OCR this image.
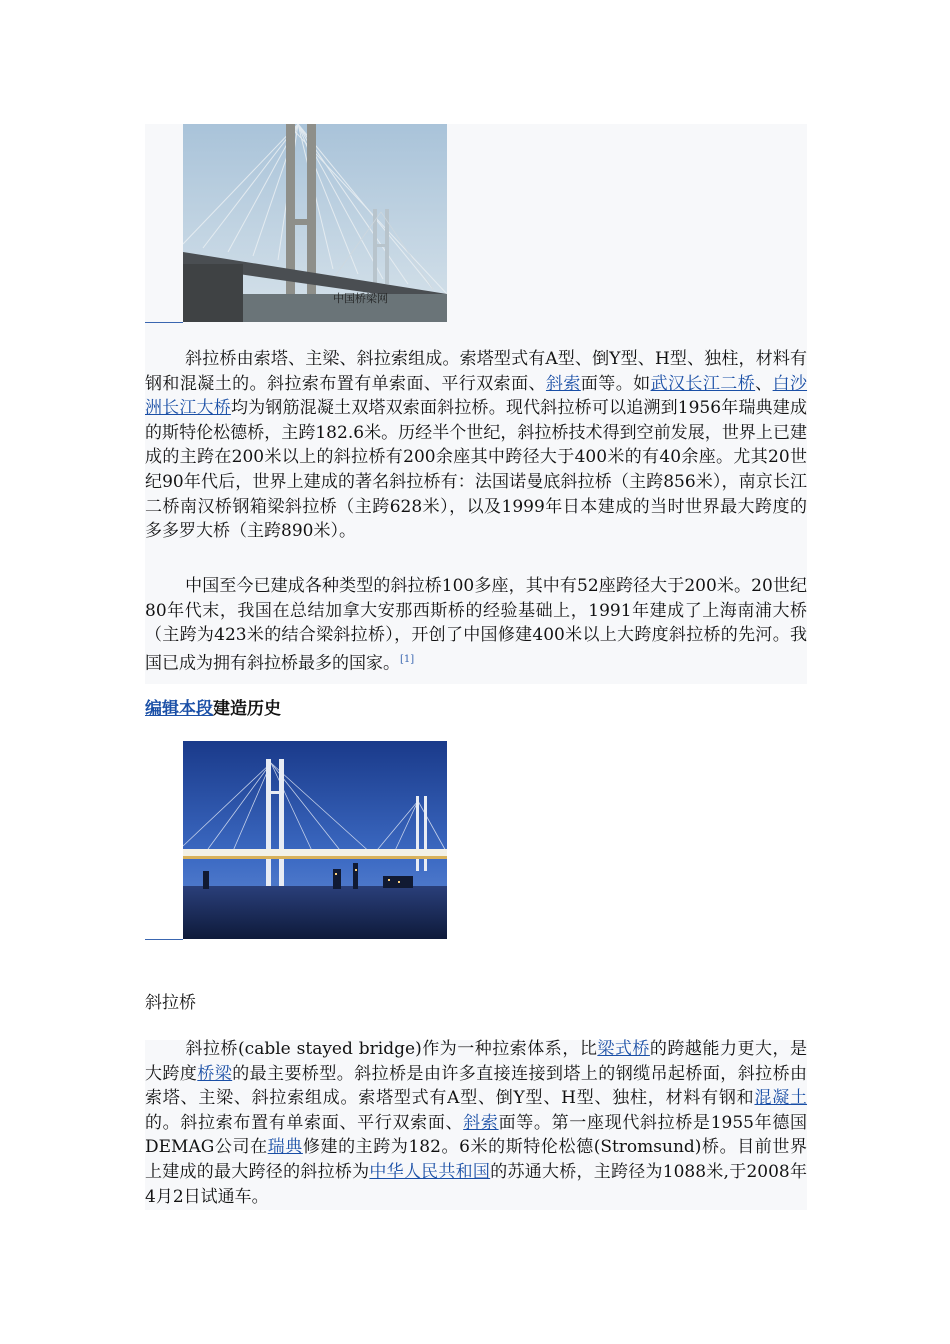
中国桥梁网

斜拉桥由索塔、主梁、斜拉索组成。索塔型式有A型、倒Y型、H型、独柱，材料有钢和混凝土的。斜拉索布置有单索面、平行双索面、斜索面等。如武汉长江二桥、白沙洲长江大桥均为钢筋混凝土双塔双索面斜拉桥。现代斜拉桥可以追溯到1956年瑞典建成的斯特伦松德桥，主跨182.6米。历经半个世纪，斜拉桥技术得到空前发展，世界上已建成的主跨在200米以上的斜拉桥有200余座其中跨径大于400米的有40余座。尤其20世纪90年代后，世界上建成的著名斜拉桥有：法国诺曼底斜拉桥（主跨856米），南京长江二桥南汉桥钢箱梁斜拉桥（主跨628米），以及1999年日本建成的当时世界最大跨度的多多罗大桥（主跨890米）。

中国至今已建成各种类型的斜拉桥100多座，其中有52座跨径大于200米。20世纪80年代末，我国在总结加拿大安那西斯桥的经验基础上，1991年建成了上海南浦大桥（主跨为423米的结合梁斜拉桥），开创了中国修建400米以上大跨度斜拉桥的先河。我国已成为拥有斜拉桥最多的国家。[1]

编辑本段建造历史
斜拉桥

斜拉桥(cable stayed bridge)作为一种拉索体系，比梁式桥的跨越能力更大，是大跨度桥梁的最主要桥型。斜拉桥是由许多直接连接到塔上的钢缆吊起桥面，斜拉桥由索塔、主梁、斜拉索组成。索塔型式有A型、倒Y型、H型、独柱，材料有钢和混凝土的。斜拉索布置有单索面、平行双索面、斜索面等。第一座现代斜拉桥是1955年德国DEMAG公司在瑞典修建的主跨为182。6米的斯特伦松德(Stromsund)桥。目前世界上建成的最大跨径的斜拉桥为中华人民共和国的苏通大桥，主跨径为1088米,于2008年4月2日试通车。
